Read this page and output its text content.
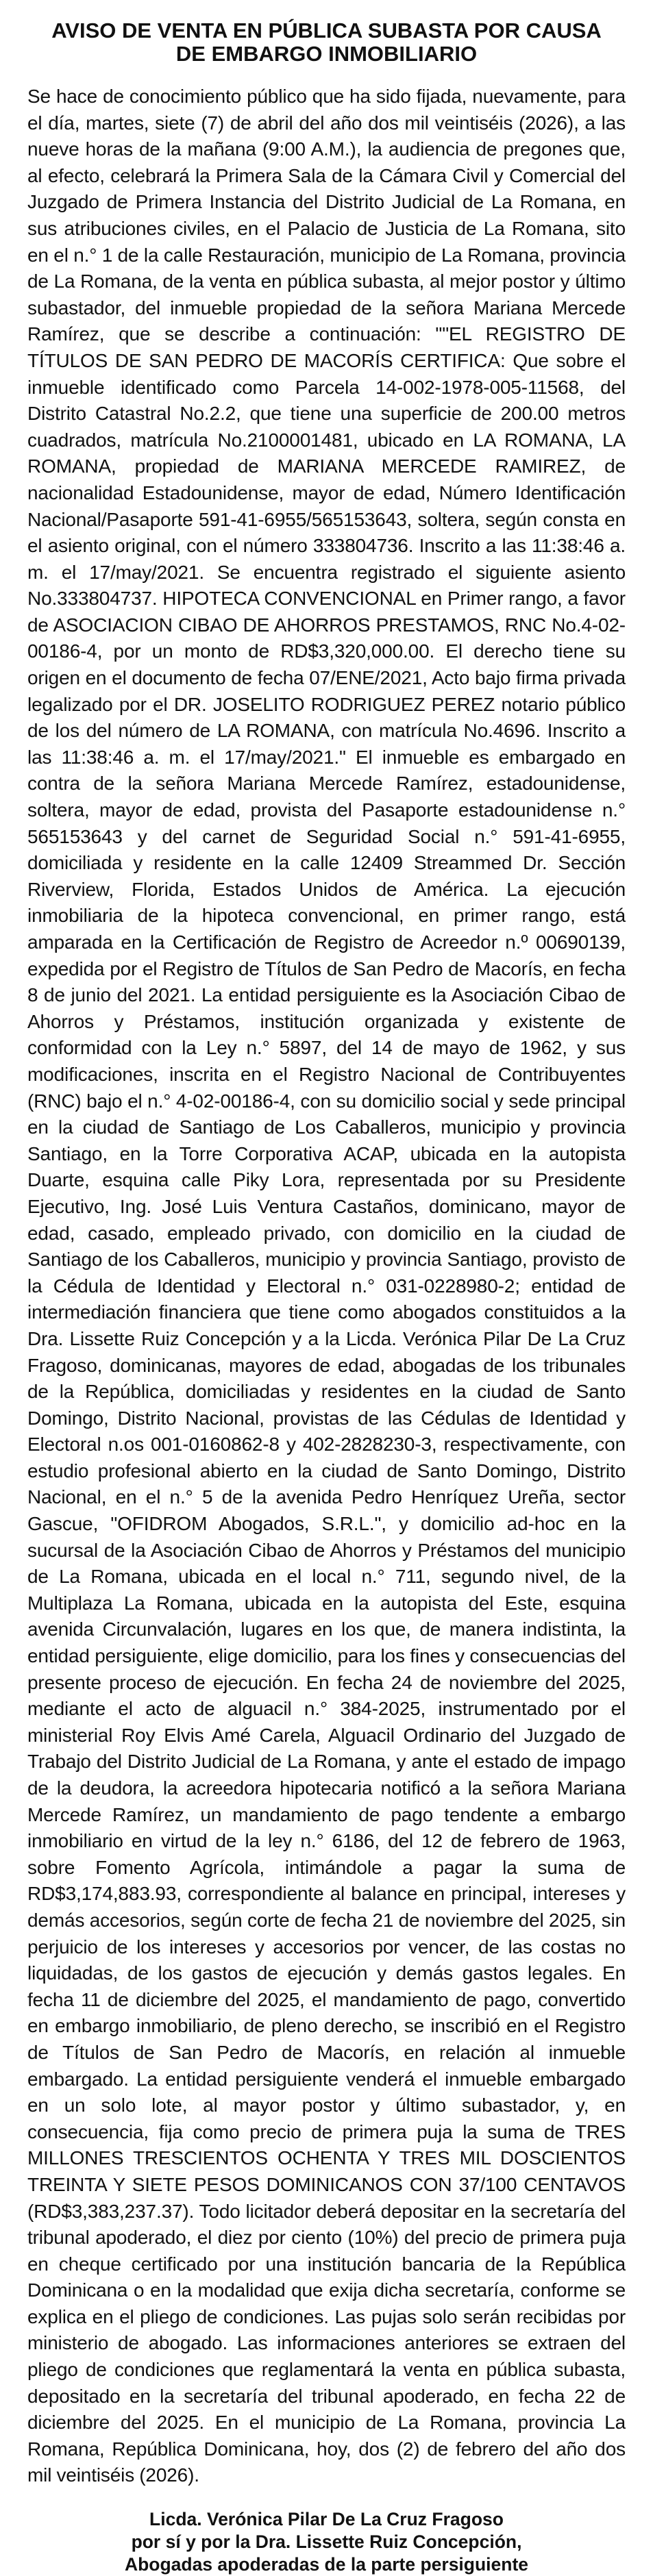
AVISO DE VENTA EN PÚBLICA SUBASTA POR CAUSA
DE EMBARGO INMOBILIARIO

Se hace de conocimiento público que ha sido fijada, nuevamente, para el día, martes, siete (7) de abril del año dos mil veintiséis (2026), a las nueve horas de la mañana (9:00 A.M.), la audiencia de pregones que, al efecto, celebrará la Primera Sala de la Cámara Civil y Comercial del Juzgado de Primera Instancia del Distrito Judicial de La Romana, en sus atribuciones civiles, en el Palacio de Justicia de La Romana, sito en el n.° 1 de la calle Restauración, municipio de La Romana, provincia de La Romana, de la venta en pública subasta, al mejor postor y último subastador, del inmueble propiedad de la señora Mariana Mercede Ramírez, que se describe a continuación: ""EL REGISTRO DE TÍTULOS DE SAN PEDRO DE MACORÍS CERTIFICA: Que sobre el inmueble identificado como Parcela 14-002-1978-005-11568, del Distrito Catastral No.2.2, que tiene una superficie de 200.00 metros cuadrados, matrícula No.2100001481, ubicado en LA ROMANA, LA ROMANA, propiedad de MARIANA MERCEDE RAMIREZ, de nacionalidad Estadounidense, mayor de edad, Número Identificación Nacional/Pasaporte 591-41-6955/565153643, soltera, según consta en el asiento original, con el número 333804736. Inscrito a las 11:38:46 a. m. el 17/may/2021. Se encuentra registrado el siguiente asiento No.333804737. HIPOTECA CONVENCIONAL en Primer rango, a favor de ASOCIACION CIBAO DE AHORROS PRESTAMOS, RNC No.4-02-00186-4, por un monto de RD$3,320,000.00. El derecho tiene su origen en el documento de fecha 07/ENE/2021, Acto bajo firma privada legalizado por el DR. JOSELITO RODRIGUEZ PEREZ notario público de los del número de LA ROMANA, con matrícula No.4696. Inscrito a las 11:38:46 a. m. el 17/may/2021." El inmueble es embargado en contra de la señora Mariana Mercede Ramírez, estadounidense, soltera, mayor de edad, provista del Pasaporte estadounidense n.° 565153643 y del carnet de Seguridad Social n.° 591-41-6955, domiciliada y residente en la calle 12409 Streammed Dr. Sección Riverview, Florida, Estados Unidos de América. La ejecución inmobiliaria de la hipoteca convencional, en primer rango, está amparada en la Certificación de Registro de Acreedor n.º 00690139, expedida por el Registro de Títulos de San Pedro de Macorís, en fecha 8 de junio del 2021. La entidad persiguiente es la Asociación Cibao de Ahorros y Préstamos, institución organizada y existente de conformidad con la Ley n.° 5897, del 14 de mayo de 1962, y sus modificaciones, inscrita en el Registro Nacional de Contribuyentes (RNC) bajo el n.° 4-02-00186-4, con su domicilio social y sede principal en la ciudad de Santiago de Los Caballeros, municipio y provincia Santiago, en la Torre Corporativa ACAP, ubicada en la autopista Duarte, esquina calle Piky Lora, representada por su Presidente Ejecutivo, Ing. José Luis Ventura Castaños, dominicano, mayor de edad, casado, empleado privado, con domicilio en la ciudad de Santiago de los Caballeros, municipio y provincia Santiago, provisto de la Cédula de Identidad y Electoral n.° 031-0228980-2; entidad de intermediación financiera que tiene como abogados constituidos a la Dra. Lissette Ruiz Concepción y a la Licda. Verónica Pilar De La Cruz Fragoso, dominicanas, mayores de edad, abogadas de los tribunales de la República, domiciliadas y residentes en la ciudad de Santo Domingo, Distrito Nacional, provistas de las Cédulas de Identidad y Electoral n.os 001-0160862-8 y 402-2828230-3, respectivamente, con estudio profesional abierto en la ciudad de Santo Domingo, Distrito Nacional, en el n.° 5 de la avenida Pedro Henríquez Ureña, sector Gascue, "OFIDROM Abogados, S.R.L.", y domicilio ad-hoc en la sucursal de la Asociación Cibao de Ahorros y Préstamos del municipio de La Romana, ubicada en el local n.° 711, segundo nivel, de la Multiplaza La Romana, ubicada en la autopista del Este, esquina avenida Circunvalación, lugares en los que, de manera indistinta, la entidad persiguiente, elige domicilio, para los fines y consecuencias del presente proceso de ejecución. En fecha 24 de noviembre del 2025, mediante el acto de alguacil n.° 384-2025, instrumentado por el ministerial Roy Elvis Amé Carela, Alguacil Ordinario del Juzgado de Trabajo del Distrito Judicial de La Romana, y ante el estado de impago de la deudora, la acreedora hipotecaria notificó a la señora Mariana Mercede Ramírez, un mandamiento de pago tendente a embargo inmobiliario en virtud de la ley n.° 6186, del 12 de febrero de 1963, sobre Fomento Agrícola, intimándole a pagar la suma de RD$3,174,883.93, correspondiente al balance en principal, intereses y demás accesorios, según corte de fecha 21 de noviembre del 2025, sin perjuicio de los intereses y accesorios por vencer, de las costas no liquidadas, de los gastos de ejecución y demás gastos legales. En fecha 11 de diciembre del 2025, el mandamiento de pago, convertido en embargo inmobiliario, de pleno derecho, se inscribió en el Registro de Títulos de San Pedro de Macorís, en relación al inmueble embargado. La entidad persiguiente venderá el inmueble embargado en un solo lote, al mayor postor y último subastador, y, en consecuencia, fija como precio de primera puja la suma de TRES MILLONES TRESCIENTOS OCHENTA Y TRES MIL DOSCIENTOS TREINTA Y SIETE PESOS DOMINICANOS CON 37/100 CENTAVOS (RD$3,383,237.37). Todo licitador deberá depositar en la secretaría del tribunal apoderado, el diez por ciento (10%) del precio de primera puja en cheque certificado por una institución bancaria de la República Dominicana o en la modalidad que exija dicha secretaría, conforme se explica en el pliego de condiciones. Las pujas solo serán recibidas por ministerio de abogado. Las informaciones anteriores se extraen del pliego de condiciones que reglamentará la venta en pública subasta, depositado en la secretaría del tribunal apoderado, en fecha 22 de diciembre del 2025. En el municipio de La Romana, provincia La Romana, República Dominicana, hoy, dos (2) de febrero del año dos mil veintiséis (2026).

Licda. Verónica Pilar De La Cruz Fragoso
por sí y por la Dra. Lissette Ruiz Concepción,
Abogadas apoderadas de la parte persiguiente
